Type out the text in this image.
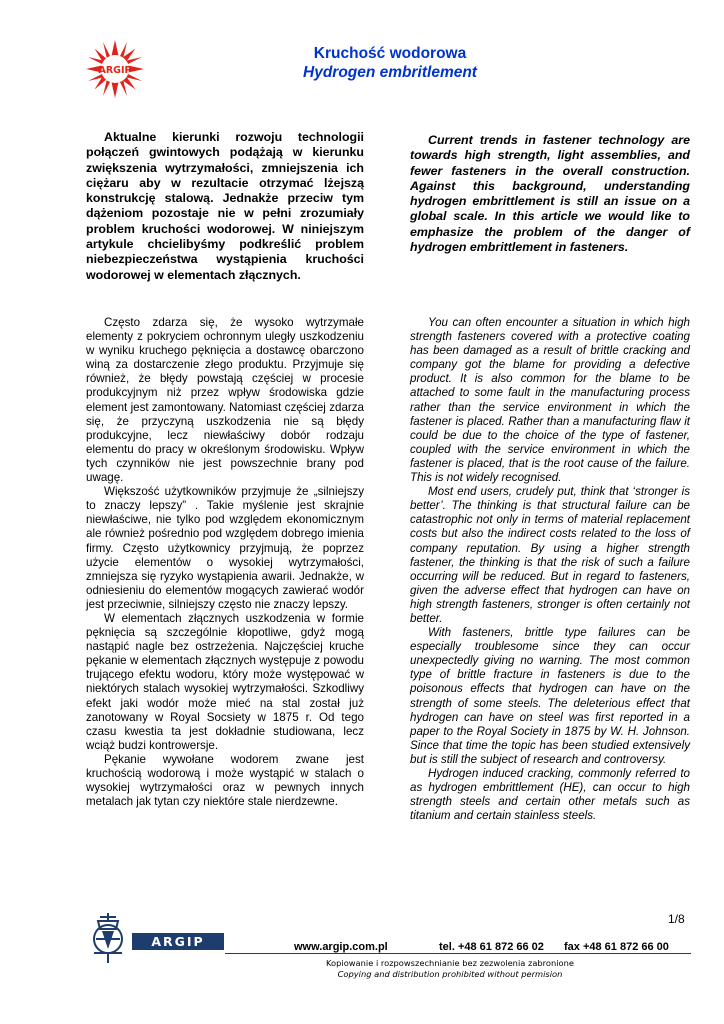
ARGIP
Kruchość wodorowa
Hydrogen embritlement

Aktualne kierunki rozwoju technologii połączeń gwintowych podążają w kierunku zwiększenia wytrzymałości, zmniejszenia ich ciężaru aby w rezultacie otrzymać lżejszą konstrukcję stalową. Jednakże przeciw tym dążeniom pozostaje nie w pełni zrozumiały problem kruchości wodorowej. W niniejszym artykule chcielibyśmy podkreślić problem niebezpieczeństwa wystąpienia kruchości wodorowej w elementach złącznych.

Current trends in fastener technology are towards high strength, light assemblies, and fewer fasteners in the overall construction. Against this background, understanding hydrogen embrittlement is still an issue on a global scale. In this article we would like to emphasize the problem of the danger of hydrogen embrittlement in fasteners.

Często zdarza się, że wysoko wytrzymałe elementy z pokryciem ochronnym uległy uszkodzeniu w wyniku kruchego pęknięcia a dostawcę obarczono winą za dostarczenie złego produktu. Przyjmuje się również, że błędy powstają częściej w procesie produkcyjnym niż przez wpływ środowiska gdzie element jest zamontowany. Natomiast częściej zdarza się, że przyczyną uszkodzenia nie są błędy produkcyjne, lecz niewłaściwy dobór rodzaju elementu do pracy w określonym środowisku. Wpływ tych czynników nie jest powszechnie brany pod uwagę.

Większość użytkowników przyjmuje że „silniejszy to znaczy lepszy” . Takie myślenie jest skrajnie niewłaściwe, nie tylko pod względem ekonomicznym ale również pośrednio pod względem dobrego imienia firmy. Często użytkownicy przyjmują, że poprzez użycie elementów o wysokiej wytrzymałości, zmniejsza się ryzyko wystąpienia awarii. Jednakże, w odniesieniu do elementów mogących zawierać wodór jest przeciwnie, silniejszy często nie znaczy lepszy.

W elementach złącznych uszkodzenia w formie pęknięcia są szczególnie kłopotliwe, gdyż mogą nastąpić nagle bez ostrzeżenia. Najczęściej kruche pękanie w elementach złącznych występuje z powodu trującego efektu wodoru, który może występować w niektórych stalach wysokiej wytrzymałości. Szkodliwy efekt jaki wodór może mieć na stal został już zanotowany w Royal Socsiety w 1875 r. Od tego czasu kwestia ta jest dokładnie studiowana, lecz wciąż budzi kontrowersje.

Pękanie wywołane wodorem zwane jest kruchością wodorową i może wystąpić w stalach o wysokiej wytrzymałości oraz w pewnych innych metalach jak tytan czy niektóre stale nierdzewne.

You can often encounter a situation in which high strength fasteners covered with a protective coating has been damaged as a result of brittle cracking and company got the blame for providing a defective product. It is also common for the blame to be attached to some fault in the manufacturing process rather than the service environment in which the fastener is placed. Rather than a manufacturing flaw it could be due to the choice of the type of fastener, coupled with the service environment in which the fastener is placed, that is the root cause of the failure. This is not widely recognised.

Most end users, crudely put, think that ‘stronger is better’. The thinking is that structural failure can be catastrophic not only in terms of material replacement costs but also the indirect costs related to the loss of company reputation. By using a higher strength fastener, the thinking is that the risk of such a failure occurring will be reduced. But in regard to fasteners, given the adverse effect that hydrogen can have on high strength fasteners, stronger is often certainly not better.

With fasteners, brittle type failures can be especially troublesome since they can occur unexpectedly giving no warning. The most common type of brittle fracture in fasteners is due to the poisonous effects that hydrogen can have on the strength of some steels. The deleterious effect that hydrogen can have on steel was first reported in a paper to the Royal Society in 1875 by W. H. Johnson. Since that time the topic has been studied extensively but is still the subject of research and controversy.

Hydrogen induced cracking, commonly referred to as hydrogen embrittlement (HE), can occur to high strength steels and certain other metals such as titanium and certain stainless steels.

1/8
ARGIP	www.argip.com.pl	tel. +48 61 872 66 02 fax +48 61 872 66 00
Kopiowanie i rozpowszechnianie bez zezwolenia zabronione
Copying and distribution prohibited without permision
